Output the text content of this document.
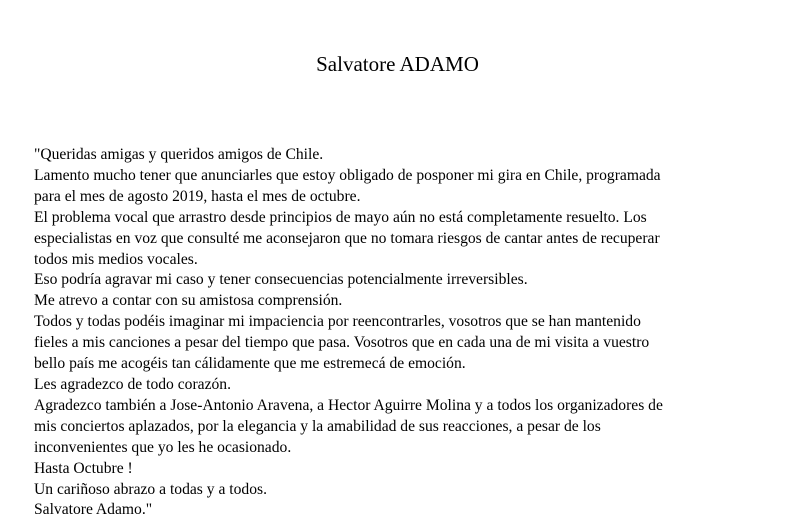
Salvatore ADAMO
"Queridas amigas y queridos amigos de Chile.
Lamento mucho tener que anunciarles que estoy obligado de posponer mi gira en Chile, programada
para el mes de agosto 2019, hasta el mes de octubre.
El problema vocal que arrastro desde principios de mayo aún no está completamente resuelto. Los
especialistas en voz que consulté me aconsejaron que no tomara riesgos de cantar antes de recuperar
todos mis medios vocales.
Eso podría agravar mi caso y tener consecuencias potencialmente irreversibles.
Me atrevo a contar con su amistosa comprensión.
Todos y todas podéis imaginar mi impaciencia por reencontrarles, vosotros que se han mantenido
fieles a mis canciones a pesar del tiempo que pasa. Vosotros que en cada una de mi visita a vuestro
bello país me acogéis tan cálidamente que me estremecá de emoción.
Les agradezco de todo corazón.
Agradezco también a Jose-Antonio Aravena, a Hector Aguirre Molina y a todos los organizadores de
mis conciertos aplazados, por la elegancia y la amabilidad de sus reacciones, a pesar de los
inconvenientes que yo les he ocasionado.
Hasta Octubre !
Un cariñoso abrazo a todas y a todos.
Salvatore Adamo."
